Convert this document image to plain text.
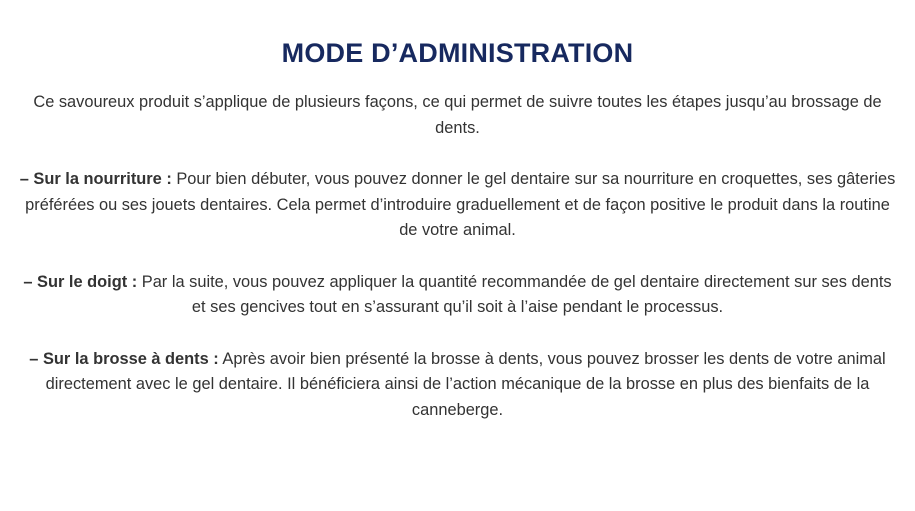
MODE D’ADMINISTRATION

Ce savoureux produit s’applique de plusieurs façons, ce qui permet de suivre toutes les étapes jusqu’au brossage de dents.

– Sur la nourriture : Pour bien débuter, vous pouvez donner le gel dentaire sur sa nourriture en croquettes, ses gâteries préférées ou ses jouets dentaires. Cela permet d’introduire graduellement et de façon positive le produit dans la routine de votre animal.

– Sur le doigt : Par la suite, vous pouvez appliquer la quantité recommandée de gel dentaire directement sur ses dents et ses gencives tout en s’assurant qu’il soit à l’aise pendant le processus.

– Sur la brosse à dents : Après avoir bien présenté la brosse à dents, vous pouvez brosser les dents de votre animal directement avec le gel dentaire. Il bénéficiera ainsi de l’action mécanique de la brosse en plus des bienfaits de la canneberge.
